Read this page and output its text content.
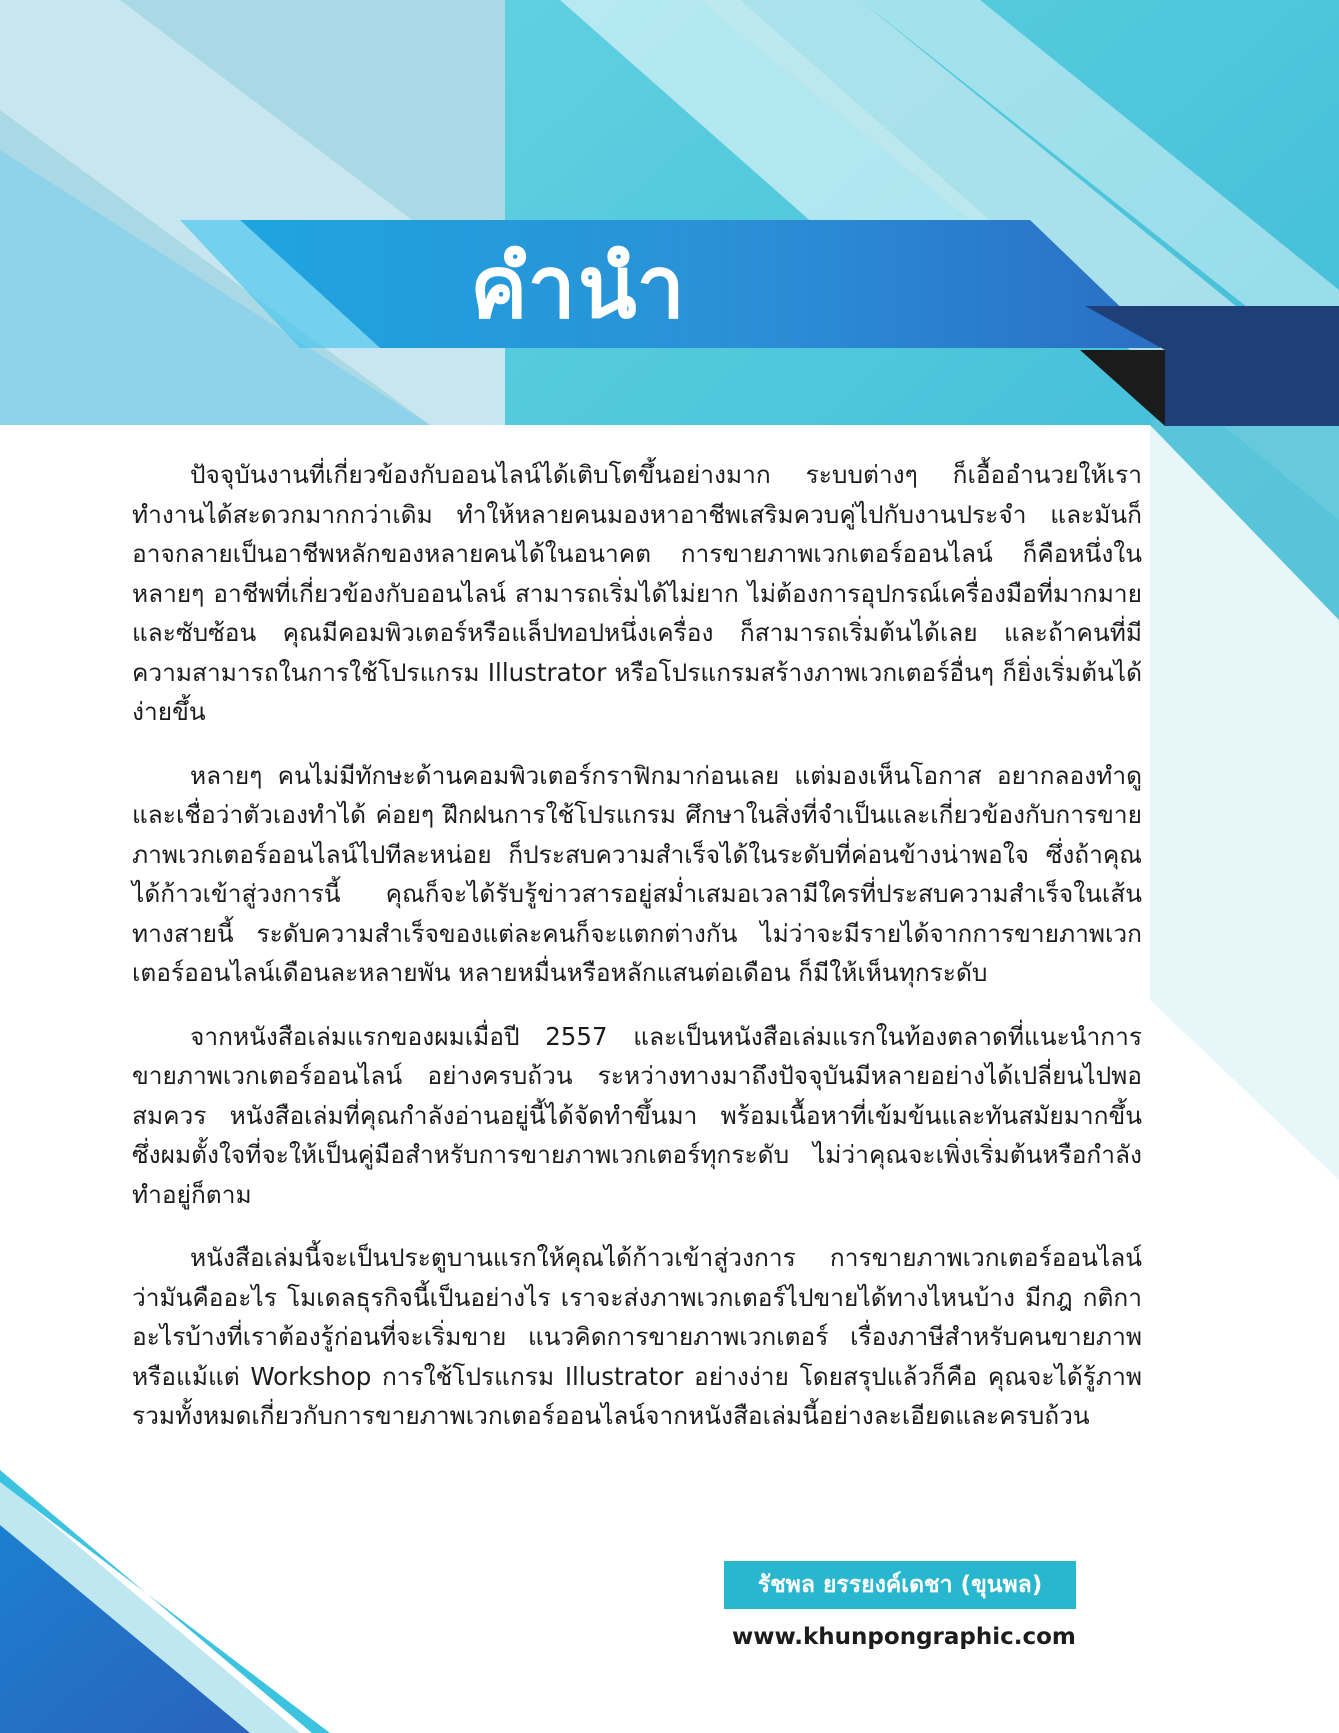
คำนำ

ปัจจุบันงานที่เกี่ยวข้องกับออนไลน์ได้เติบโตขึ้นอย่างมาก ระบบต่างๆ ก็เอื้ออำนวยให้เราทำงานได้สะดวกมากกว่าเดิม ทำให้หลายคนมองหาอาชีพเสริมควบคู่ไปกับงานประจำ และมันก็อาจกลายเป็นอาชีพหลักของหลายคนได้ในอนาคต การขายภาพเวกเตอร์ออนไลน์ ก็คือหนึ่งในหลายๆ อาชีพที่เกี่ยวข้องกับออนไลน์ สามารถเริ่มได้ไม่ยาก ไม่ต้องการอุปกรณ์เครื่องมือที่มากมายและซับซ้อน คุณมีคอมพิวเตอร์หรือแล็ปทอปหนึ่งเครื่อง ก็สามารถเริ่มต้นได้เลย และถ้าคนที่มีความสามารถในการใช้โปรแกรม Illustrator หรือโปรแกรมสร้างภาพเวกเตอร์อื่นๆ ก็ยิ่งเริ่มต้นได้ง่ายขึ้น

หลายๆ คนไม่มีทักษะด้านคอมพิวเตอร์กราฟิกมาก่อนเลย แต่มองเห็นโอกาส อยากลองทำดูและเชื่อว่าตัวเองทำได้ ค่อยๆ ฝึกฝนการใช้โปรแกรม ศึกษาในสิ่งที่จำเป็นและเกี่ยวข้องกับการขายภาพเวกเตอร์ออนไลน์ไปทีละหน่อย ก็ประสบความสำเร็จได้ในระดับที่ค่อนข้างน่าพอใจ ซึ่งถ้าคุณได้ก้าวเข้าสู่วงการนี้ คุณก็จะได้รับรู้ข่าวสารอยู่สม่ำเสมอเวลามีใครที่ประสบความสำเร็จในเส้นทางสายนี้ ระดับความสำเร็จของแต่ละคนก็จะแตกต่างกัน ไม่ว่าจะมีรายได้จากการขายภาพเวกเตอร์ออนไลน์เดือนละหลายพัน หลายหมื่นหรือหลักแสนต่อเดือน ก็มีให้เห็นทุกระดับ

จากหนังสือเล่มแรกของผมเมื่อปี 2557 และเป็นหนังสือเล่มแรกในท้องตลาดที่แนะนำการขายภาพเวกเตอร์ออนไลน์ อย่างครบถ้วน ระหว่างทางมาถึงปัจจุบันมีหลายอย่างได้เปลี่ยนไปพอสมควร หนังสือเล่มที่คุณกำลังอ่านอยู่นี้ได้จัดทำขึ้นมา พร้อมเนื้อหาที่เข้มข้นและทันสมัยมากขึ้น ซึ่งผมตั้งใจที่จะให้เป็นคู่มือสำหรับการขายภาพเวกเตอร์ทุกระดับ ไม่ว่าคุณจะเพิ่งเริ่มต้นหรือกำลังทำอยู่ก็ตาม

หนังสือเล่มนี้จะเป็นประตูบานแรกให้คุณได้ก้าวเข้าสู่วงการ การขายภาพเวกเตอร์ออนไลน์ ว่ามันคืออะไร โมเดลธุรกิจนี้เป็นอย่างไร เราจะส่งภาพเวกเตอร์ไปขายได้ทางไหนบ้าง มีกฎ กติกาอะไรบ้างที่เราต้องรู้ก่อนที่จะเริ่มขาย แนวคิดการขายภาพเวกเตอร์ เรื่องภาษีสำหรับคนขายภาพหรือแม้แต่ Workshop การใช้โปรแกรม Illustrator อย่างง่าย โดยสรุปแล้วก็คือ คุณจะได้รู้ภาพรวมทั้งหมดเกี่ยวกับการขายภาพเวกเตอร์ออนไลน์จากหนังสือเล่มนี้อย่างละเอียดและครบถ้วน

รัชพล ยรรยงค์เดชา (ขุนพล)
www.khunpongraphic.com
